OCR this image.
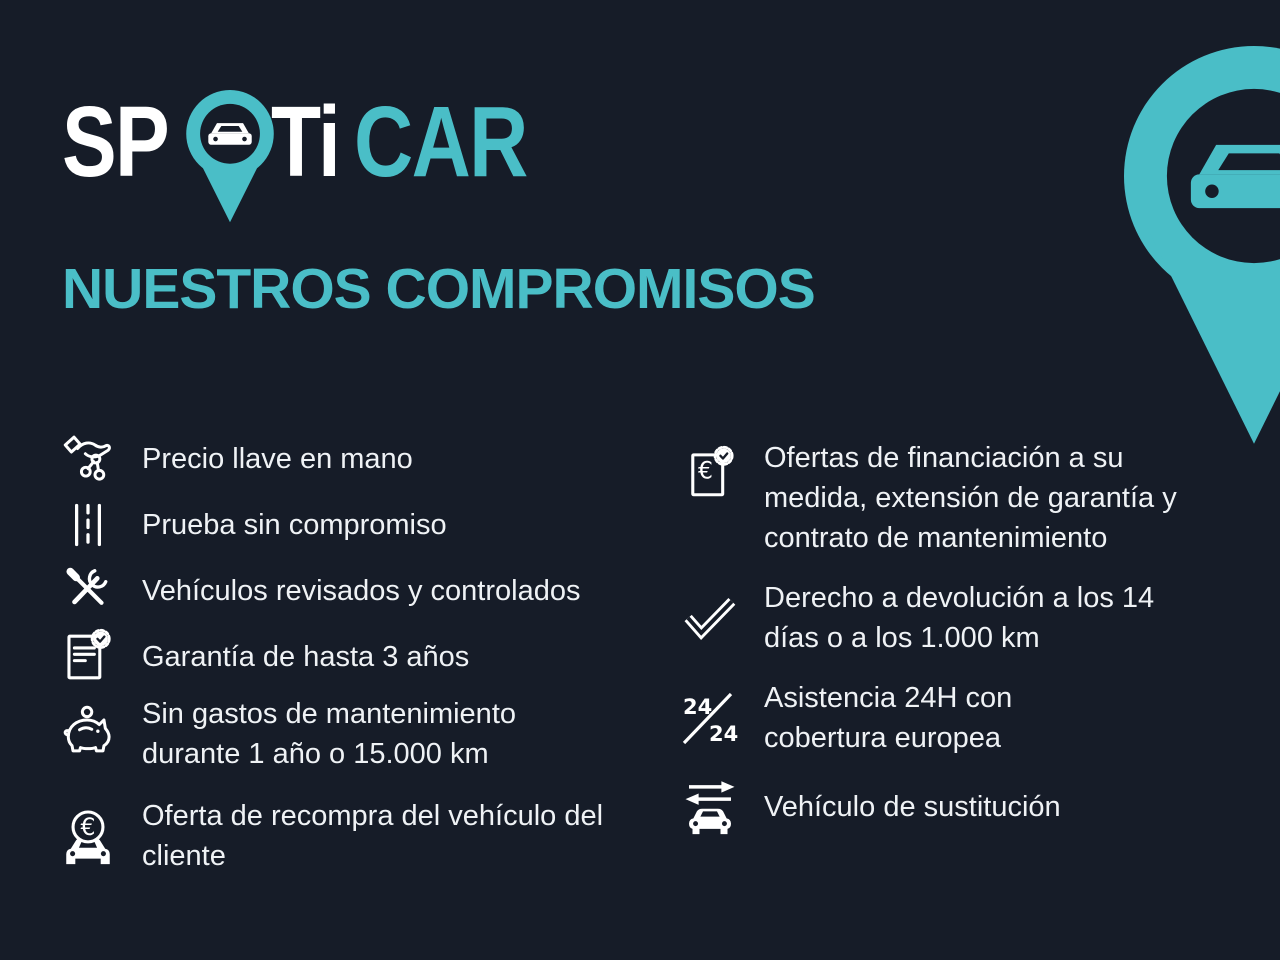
SP Ti CAR
NUESTROS COMPROMISOS
Precio llave en mano
Prueba sin compromiso
Vehículos revisados y controlados
Garantía de hasta 3 años
Sin gastos de mantenimiento durante 1 año o 15.000 km
€ Oferta de recompra del vehículo del cliente
€ Ofertas de financiación a su medida, extensión de garantía y contrato de mantenimiento
Derecho a devolución a los 14 días o a los 1.000 km
24
24
Asistencia 24H con cobertura europea
Vehículo de sustitución
